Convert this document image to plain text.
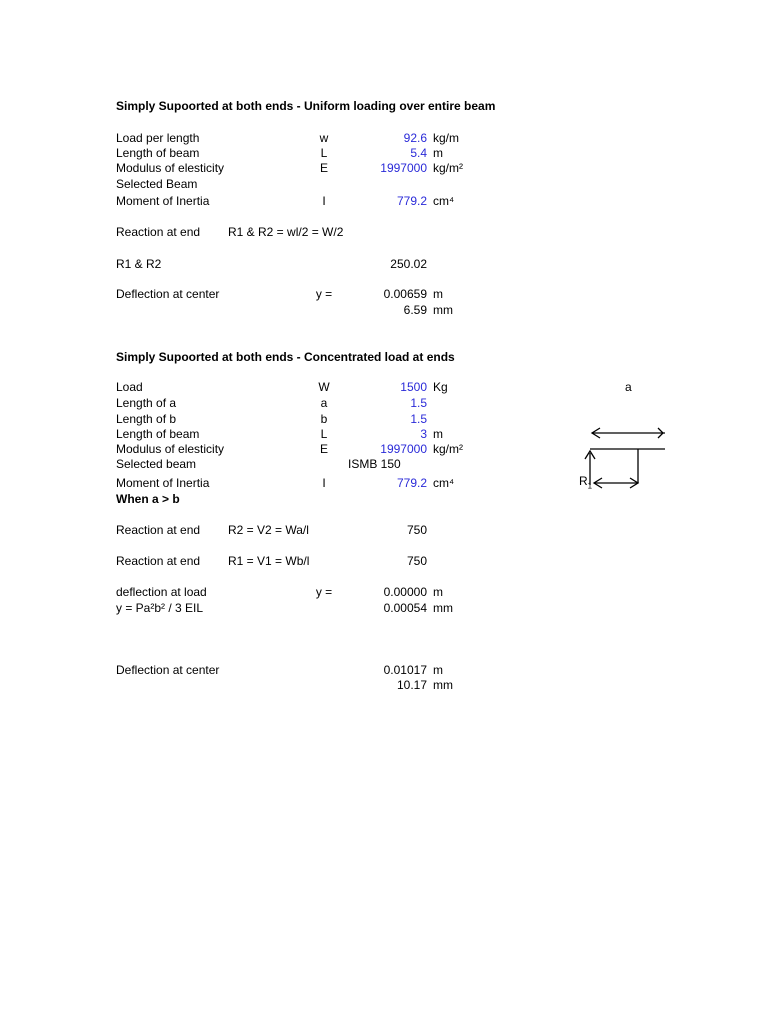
Simply Supoorted at both ends - Uniform loading over entire beam
Load per length	w	92.6 kg/m
Length of beam	L	5.4 m
Modulus of elesticity	E	1997000 kg/m²
Selected Beam
Moment of Inertia	I	779.2 cm⁴
Reaction at end R1 & R2 = wl/2 = W/2
R1 & R2	250.02
Deflection at center	y =	0.00659 m
6.59 mm
Simply Supoorted at both ends - Concentrated load at ends
Load	W	1500 Kg
Length of a	a	1.5
Length of b	b	1.5
Length of beam	L	3 m
Modulus of elesticity	E	1997000 kg/m²
Selected beam	ISMB 150
Moment of Inertia	I	779.2 cm⁴
When a > b
Reaction at end R2 = V2 = Wa/l	750
Reaction at end R1 = V1 = Wb/l	750
deflection at load	y =	0.00000 m
y = Pa²b² / 3 EIL	0.00054 mm
Deflection at center	0.01017 m
10.17 mm
a
$R_1$
